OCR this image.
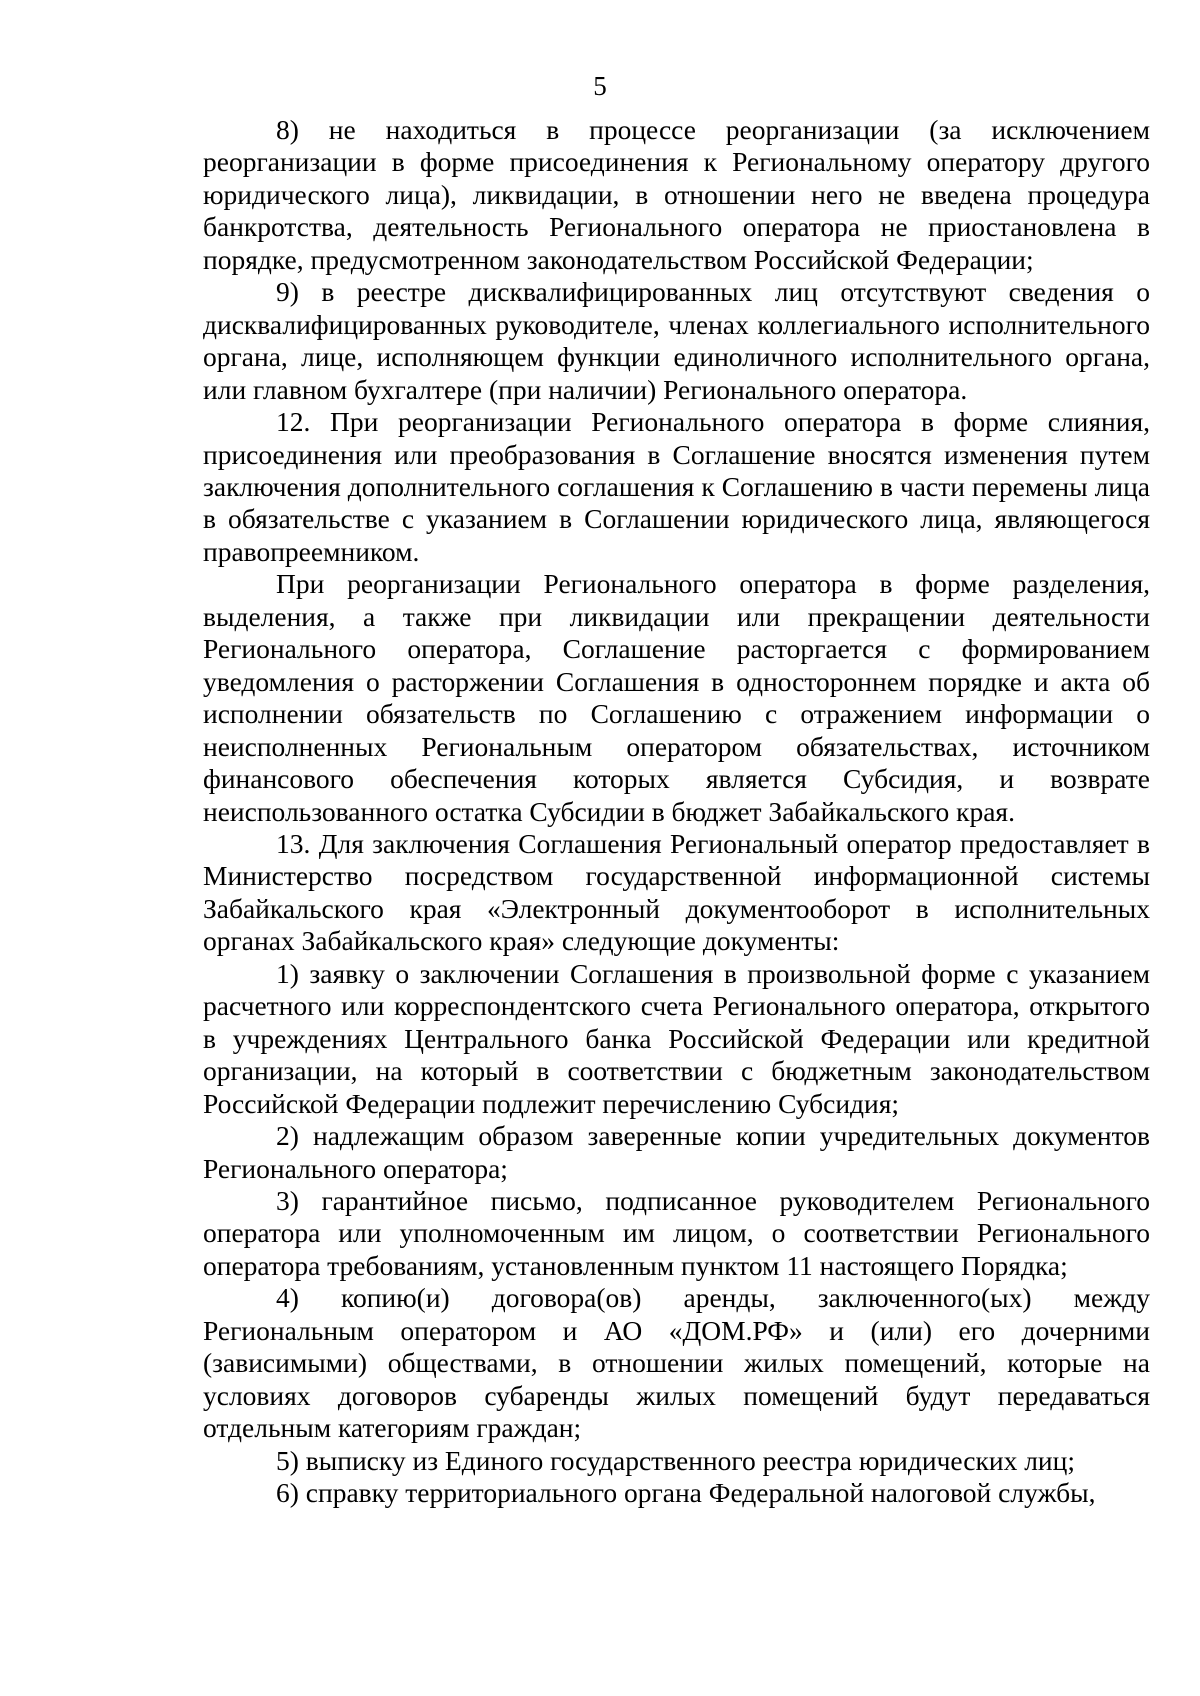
5

8) не находиться в процессе реорганизации (за исключением реорганизации в форме присоединения к Региональному оператору другого юридического лица), ликвидации, в отношении него не введена процедура банкротства, деятельность Регионального оператора не приостановлена в порядке, предусмотренном законодательством Российской Федерации;

9) в реестре дисквалифицированных лиц отсутствуют сведения о дисквалифицированных руководителе, членах коллегиального исполнительного органа, лице, исполняющем функции единоличного исполнительного органа, или главном бухгалтере (при наличии) Регионального оператора.

12. При реорганизации Регионального оператора в форме слияния, присоединения или преобразования в Соглашение вносятся изменения путем заключения дополнительного соглашения к Соглашению в части перемены лица в обязательстве с указанием в Соглашении юридического лица, являющегося правопреемником.

При реорганизации Регионального оператора в форме разделения, выделения, а также при ликвидации или прекращении деятельности Регионального оператора, Соглашение расторгается с формированием уведомления о расторжении Соглашения в одностороннем порядке и акта об исполнении обязательств по Соглашению с отражением информации о неисполненных Региональным оператором обязательствах, источником финансового обеспечения которых является Субсидия, и возврате неиспользованного остатка Субсидии в бюджет Забайкальского края.

13. Для заключения Соглашения Региональный оператор предоставляет в Министерство посредством государственной информационной системы Забайкальского края «Электронный документооборот в исполнительных органах Забайкальского края» следующие документы:

1) заявку о заключении Соглашения в произвольной форме с указанием расчетного или корреспондентского счета Регионального оператора, открытого в учреждениях Центрального банка Российской Федерации или кредитной организации, на который в соответствии с бюджетным законодательством Российской Федерации подлежит перечислению Субсидия;

2) надлежащим образом заверенные копии учредительных документов Регионального оператора;

3) гарантийное письмо, подписанное руководителем Регионального оператора или уполномоченным им лицом, о соответствии Регионального оператора требованиям, установленным пунктом 11 настоящего Порядка;

4) копию(и) договора(ов) аренды, заключенного(ых) между Региональным оператором и АО «ДОМ.РФ» и (или) его дочерними (зависимыми) обществами, в отношении жилых помещений, которые на условиях договоров субаренды жилых помещений будут передаваться отдельным категориям граждан;

5) выписку из Единого государственного реестра юридических лиц;

6) справку территориального органа Федеральной налоговой службы,
